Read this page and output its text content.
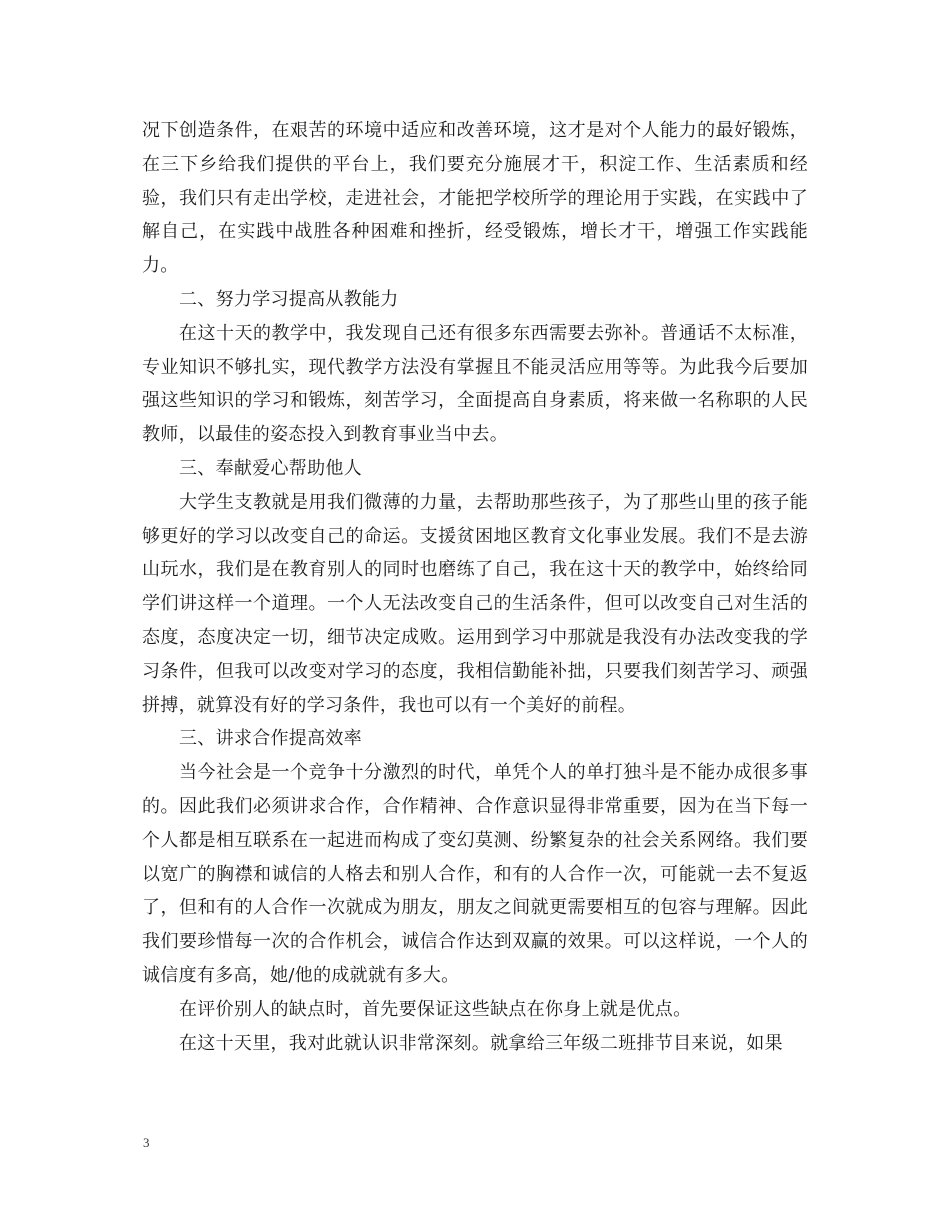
况下创造条件，在艰苦的环境中适应和改善环境，这才是对个人能力的最好锻炼，在三下乡给我们提供的平台上，我们要充分施展才干，积淀工作、生活素质和经验，我们只有走出学校，走进社会，才能把学校所学的理论用于实践，在实践中了解自己，在实践中战胜各种困难和挫折，经受锻炼，增长才干，增强工作实践能力。

二、努力学习提高从教能力

在这十天的教学中，我发现自己还有很多东西需要去弥补。普通话不太标准，专业知识不够扎实，现代教学方法没有掌握且不能灵活应用等等。为此我今后要加强这些知识的学习和锻炼，刻苦学习，全面提高自身素质，将来做一名称职的人民教师，以最佳的姿态投入到教育事业当中去。

三、奉献爱心帮助他人

大学生支教就是用我们微薄的力量，去帮助那些孩子，为了那些山里的孩子能够更好的学习以改变自己的命运。支援贫困地区教育文化事业发展。我们不是去游山玩水，我们是在教育别人的同时也磨练了自己，我在这十天的教学中，始终给同学们讲这样一个道理。一个人无法改变自己的生活条件，但可以改变自己对生活的态度，态度决定一切，细节决定成败。运用到学习中那就是我没有办法改变我的学习条件，但我可以改变对学习的态度，我相信勤能补拙，只要我们刻苦学习、顽强拼搏，就算没有好的学习条件，我也可以有一个美好的前程。

三、讲求合作提高效率

当今社会是一个竞争十分激烈的时代，单凭个人的单打独斗是不能办成很多事的。因此我们必须讲求合作，合作精神、合作意识显得非常重要，因为在当下每一个人都是相互联系在一起进而构成了变幻莫测、纷繁复杂的社会关系网络。我们要以宽广的胸襟和诚信的人格去和别人合作，和有的人合作一次，可能就一去不复返了，但和有的人合作一次就成为朋友，朋友之间就更需要相互的包容与理解。因此我们要珍惜每一次的合作机会，诚信合作达到双赢的效果。可以这样说，一个人的诚信度有多高，她/他的成就就有多大。

在评价别人的缺点时，首先要保证这些缺点在你身上就是优点。

在这十天里，我对此就认识非常深刻。就拿给三年级二班排节目来说，如果

3
